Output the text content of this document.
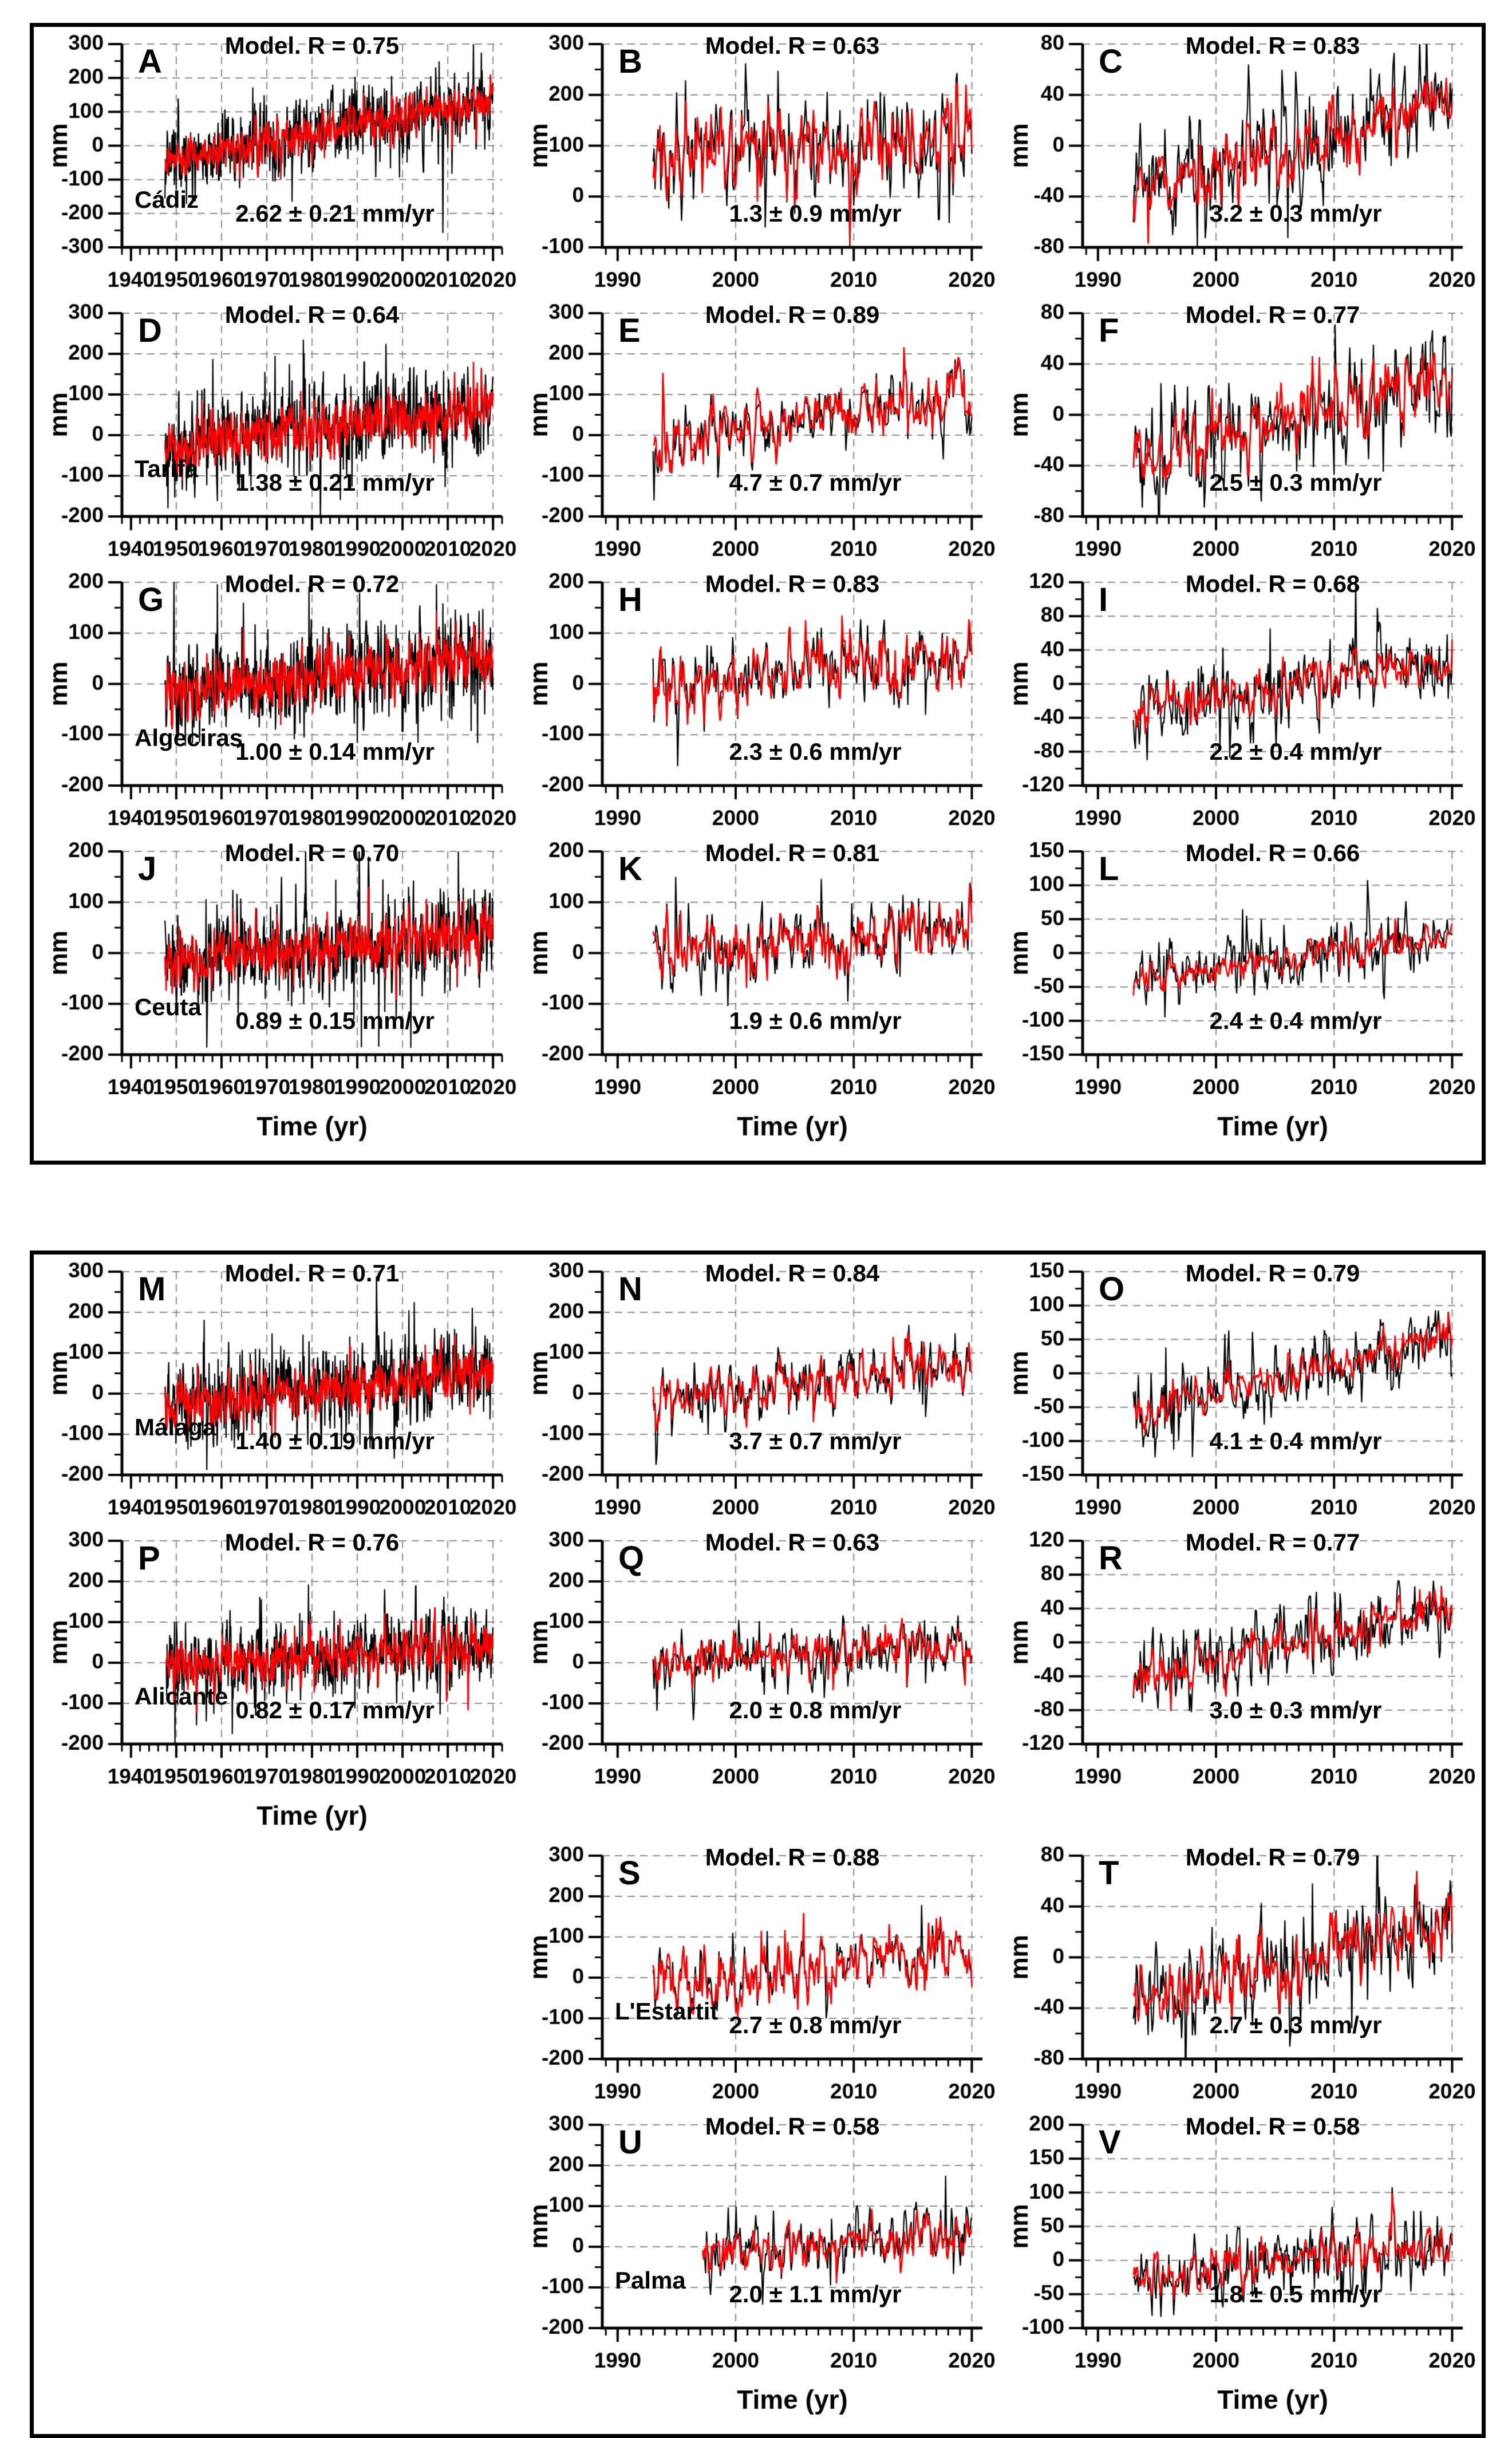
A	Model. R = 0.75
2.62 ± 0.21 mm/yr
Cádiz
B	Model. R = 0.63
1.3 ± 0.9 mm/yr
C	Model. R = 0.83
3.2 ± 0.3 mm/yr
D	Model. R = 0.64
1.38 ± 0.21 mm/yr
Tarifa
E	Model. R = 0.89
4.7 ± 0.7 mm/yr
F	Model. R = 0.77
2.5 ± 0.3 mm/yr
G	Model. R = 0.72
1.00 ± 0.14 mm/yr
Algeciras
H	Model. R = 0.83
2.3 ± 0.6 mm/yr
I	Model. R = 0.68
2.2 ± 0.4 mm/yr
J	Model. R = 0.70
0.89 ± 0.15 mm/yr
Ceuta
K	Model. R = 0.81
1.9 ± 0.6 mm/yr
L	Model. R = 0.66
2.4 ± 0.4 mm/yr
M	Model. R = 0.71
1.40 ± 0.19 mm/yr
Málaga
N	Model. R = 0.84
3.7 ± 0.7 mm/yr
O	Model. R = 0.79
4.1 ± 0.4 mm/yr
P	Model. R = 0.76
0.82 ± 0.17 mm/yr
Alicante
Q	Model. R = 0.63
2.0 ± 0.8 mm/yr
R	Model. R = 0.77
3.0 ± 0.3 mm/yr
S	Model. R = 0.88
2.7 ± 0.8 mm/yr
L'Estartit
T	Model. R = 0.79
2.7 ± 0.3 mm/yr
U	Model. R = 0.58
2.0 ± 1.1 mm/yr
Palma
V	Model. R = 0.58
1.8 ± 0.5 mm/yr
